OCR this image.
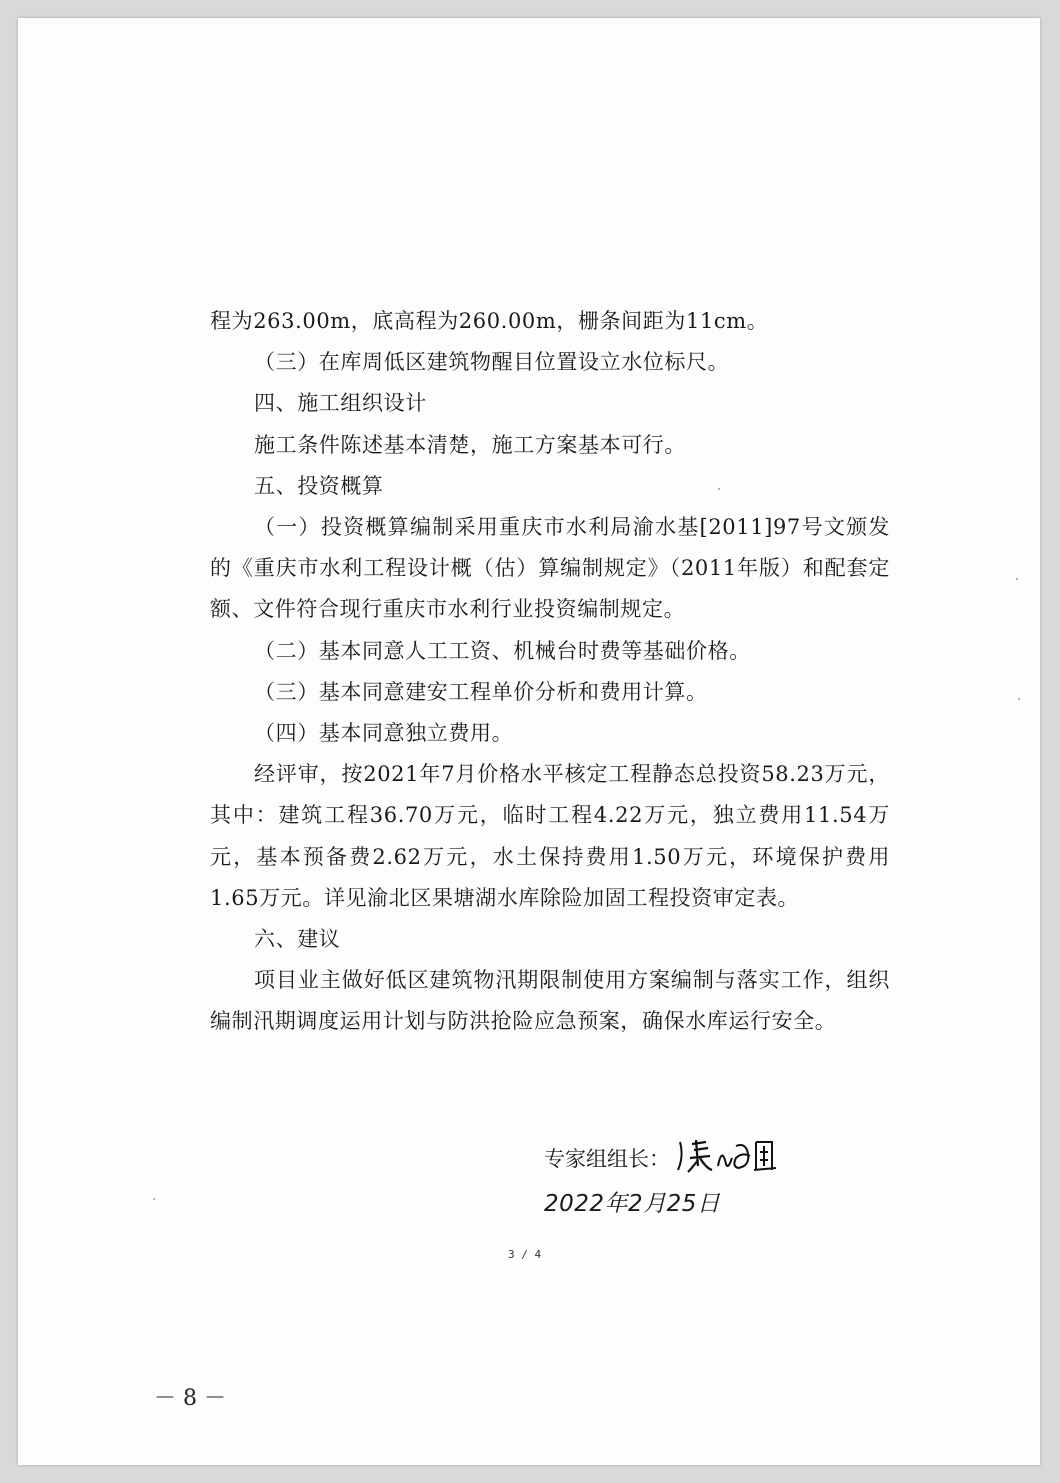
程为263.00m，底高程为260.00m，栅条间距为11cm。

（三）在库周低区建筑物醒目位置设立水位标尺。

四、施工组织设计

施工条件陈述基本清楚，施工方案基本可行。

五、投资概算

（一）投资概算编制采用重庆市水利局渝水基[2011]97号文颁发的《重庆市水利工程设计概（估）算编制规定》（2011年版）和配套定额、文件符合现行重庆市水利行业投资编制规定。

（二）基本同意人工工资、机械台时费等基础价格。

（三）基本同意建安工程单价分析和费用计算。

（四）基本同意独立费用。

经评审，按2021年7月价格水平核定工程静态总投资58.23万元，其中：建筑工程36.70万元，临时工程4.22万元，独立费用11.54万元，基本预备费2.62万元，水土保持费用1.50万元，环境保护费用1.65万元。详见渝北区果塘湖水库除险加固工程投资审定表。

六、建议

项目业主做好低区建筑物汛期限制使用方案编制与落实工作，组织编制汛期调度运用计划与防洪抢险应急预案，确保水库运行安全。

专家组组长：
2022年2月25日
3 / 4
－ 8 －
